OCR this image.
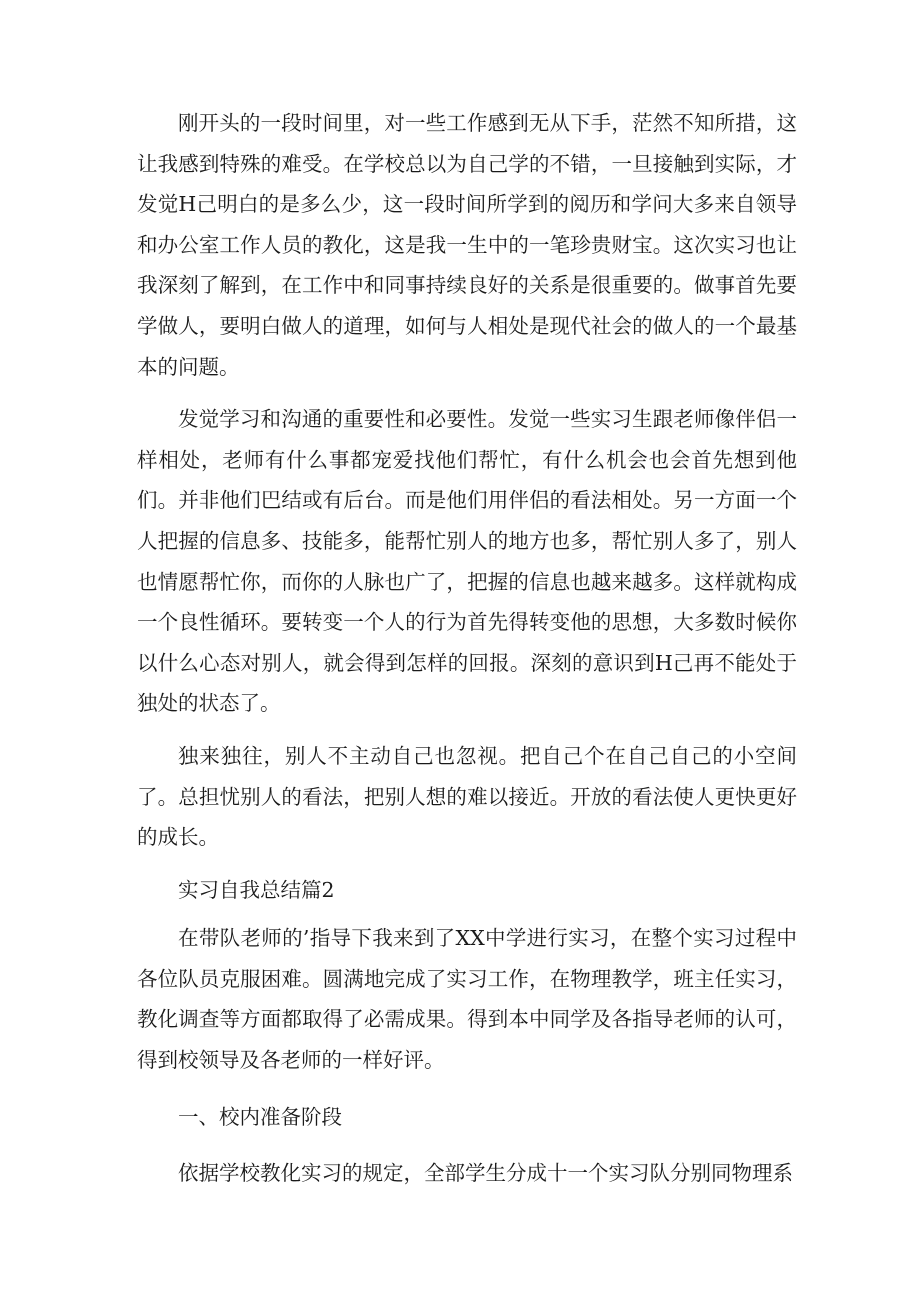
刚开头的一段时间里，对一些工作感到无从下手，茫然不知所措，这让我感到特殊的难受。在学校总以为自己学的不错，一旦接触到实际，才发觉H己明白的是多么少，这一段时间所学到的阅历和学问大多来自领导和办公室工作人员的教化，这是我一生中的一笔珍贵财宝。这次实习也让我深刻了解到，在工作中和同事持续良好的关系是很重要的。做事首先要学做人，要明白做人的道理，如何与人相处是现代社会的做人的一个最基本的问题。

发觉学习和沟通的重要性和必要性。发觉一些实习生跟老师像伴侣一样相处，老师有什么事都宠爱找他们帮忙，有什么机会也会首先想到他们。并非他们巴结或有后台。而是他们用伴侣的看法相处。另一方面一个人把握的信息多、技能多，能帮忙别人的地方也多，帮忙别人多了，别人也情愿帮忙你，而你的人脉也广了，把握的信息也越来越多。这样就构成一个良性循环。要转变一个人的行为首先得转变他的思想，大多数时候你以什么心态对别人，就会得到怎样的回报。深刻的意识到H己再不能处于独处的状态了。

独来独往，别人不主动自己也忽视。把自己个在自己自己的小空间了。总担忧别人的看法，把别人想的难以接近。开放的看法使人更快更好的成长。

实习自我总结篇2

在带队老师的’指导下我来到了XX中学进行实习，在整个实习过程中各位队员克服困难。圆满地完成了实习工作，在物理教学，班主任实习，教化调查等方面都取得了必需成果。得到本中同学及各指导老师的认可，得到校领导及各老师的一样好评。

一、校内准备阶段

依据学校教化实习的规定，全部学生分成十一个实习队分别同物理系
